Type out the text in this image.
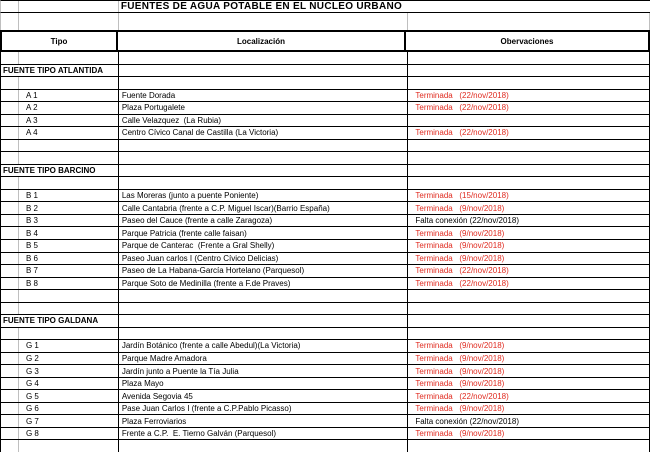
FUENTES DE AGUA POTABLE EN EL NUCLEO URBANO
Tipo	Localización	Obervaciones
FUENTE TIPO ATLANTIDA
A 1	Fuente Dorada	Terminada   (22/nov/2018)
A 2	Plaza Portugalete	Terminada   (22/nov/2018)
A 3	Calle Velazquez  (La Rubia)
A 4	Centro Cívico Canal de Castilla (La Victoria)	Terminada   (22/nov/2018)
FUENTE TIPO BARCINO
B 1	Las Moreras (junto a puente Poniente)	Terminada   (15/nov/2018)
B 2	Calle Cantabria (frente a C.P. Miguel Iscar)(Barrio España)	Terminada   (9/nov/2018)
B 3	Paseo del Cauce (frente a calle Zaragoza)	Falta conexión (22/nov/2018)
B 4	Parque Patricia (frente calle faisan)	Terminada   (9/nov/2018)
B 5	Parque de Canterac  (Frente a Gral Shelly)	Terminada   (9/nov/2018)
B 6	Paseo Juan carlos I (Centro Cívico Delicias)	Terminada   (9/nov/2018)
B 7	Paseo de La Habana-García Hortelano (Parquesol)	Terminada   (22/nov/2018)
B 8	Parque Soto de Medinilla (frente a F.de Praves)	Terminada   (22/nov/2018)
FUENTE TIPO GALDANA
G 1	Jardín Botánico (frente a calle Abedul)(La Victoria)	Terminada   (9/nov/2018)
G 2	Parque Madre Amadora	Terminada   (9/nov/2018)
G 3	Jardín junto a Puente la Tía Julia	Terminada   (9/nov/2018)
G 4	Plaza Mayo	Terminada   (9/nov/2018)
G 5	Avenida Segovia 45	Terminada   (22/nov/2018)
G 6	Pase Juan Carlos I (frente a C.P.Pablo Picasso)	Terminada   (9/nov/2018)
G 7	Plaza Ferroviarios	Falta conexión (22/nov/2018)
G 8	Frente a C.P.  E. Tierno Galván (Parquesol)	Terminada   (9/nov/2018)
